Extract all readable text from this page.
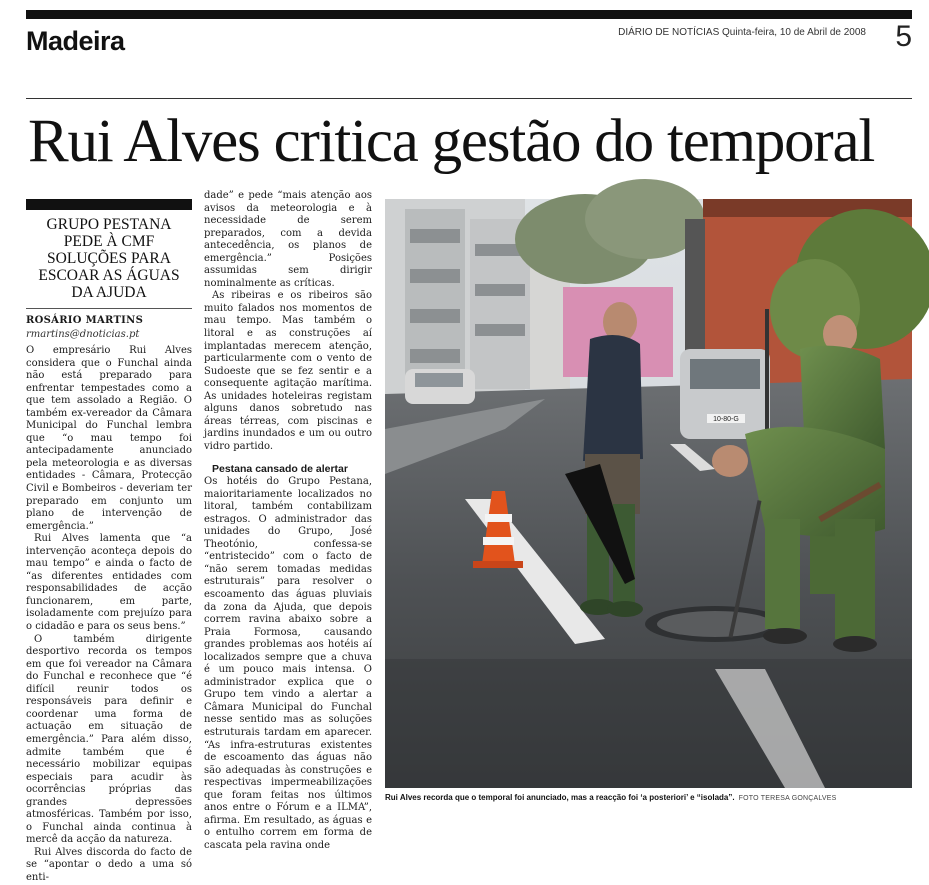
Madeira	DIÁRIO DE NOTÍCIAS Quinta-feira, 10 de Abril de 2008 5
Rui Alves critica gestão do temporal
GRUPO PESTANA PEDE À CMF SOLUÇÕES PARA ESCOAR AS ÁGUAS DA AJUDA
ROSÁRIO MARTINS
rmartins@dnoticias.pt

O empresário Rui Alves considera que o Funchal ainda não está preparado para enfrentar tempestades como a que tem assolado a Região. O também ex-vereador da Câmara Municipal do Funchal lembra que “o mau tempo foi antecipadamente anunciado pela meteorologia e as diversas entidades - Câmara, Protecção Civil e Bombeiros - deveriam ter preparado em conjunto um plano de intervenção de emergência.”

Rui Alves lamenta que “a intervenção aconteça depois do mau tempo” e ainda o facto de “as diferentes entidades com responsabilidades de acção funcionarem, em parte, isoladamente com prejuízo para o cidadão e para os seus bens.”

O também dirigente desportivo recorda os tempos em que foi vereador na Câmara do Funchal e reconhece que “é difícil reunir todos os responsáveis para definir e coordenar uma forma de actuação em situação de emergência.” Para além disso, admite também que é necessário mobilizar equipas especiais para acudir às ocorrências próprias das grandes depressões atmosféricas. Também por isso, o Funchal ainda continua à mercê da acção da natureza.

Rui Alves discorda do facto de se “apontar o dedo a uma só enti-

dade” e pede “mais atenção aos avisos da meteorologia e à necessidade de serem preparados, com a devida antecedência, os planos de emergência.” Posições assumidas sem dirigir nominalmente as críticas.

As ribeiras e os ribeiros são muito falados nos momentos de mau tempo. Mas também o litoral e as construções aí implantadas merecem atenção, particularmente com o vento de Sudoeste que se fez sentir e a consequente agitação marítima. As unidades hoteleiras registam alguns danos sobretudo nas áreas térreas, com piscinas e jardins inundados e um ou outro vidro partido.

Pestana cansado de alertar

Os hotéis do Grupo Pestana, maioritariamente localizados no litoral, também contabilizam estragos. O administrador das unidades do Grupo, José Theotónio, confessa-se “entristecido” com o facto de “não serem tomadas medidas estruturais” para resolver o escoamento das águas pluviais da zona da Ajuda, que depois correm ravina abaixo sobre a Praia Formosa, causando grandes problemas aos hotéis aí localizados sempre que a chuva é um pouco mais intensa. O administrador explica que o Grupo tem vindo a alertar a Câmara Municipal do Funchal nesse sentido mas as soluções estruturais tardam em aparecer. “As infra-estruturas existentes de escoamento das águas não são adequadas às construções e respectivas impermeabilizações que foram feitas nos últimos anos entre o Fórum e a ILMA”, afirma. Em resultado, as águas e o entulho correm em forma de cascata pela ravina onde

10-80-G
Rui Alves recorda que o temporal foi anunciado, mas a reacção foi ‘a posteriori’ e “isolada”. FOTO TERESA GONÇALVES
